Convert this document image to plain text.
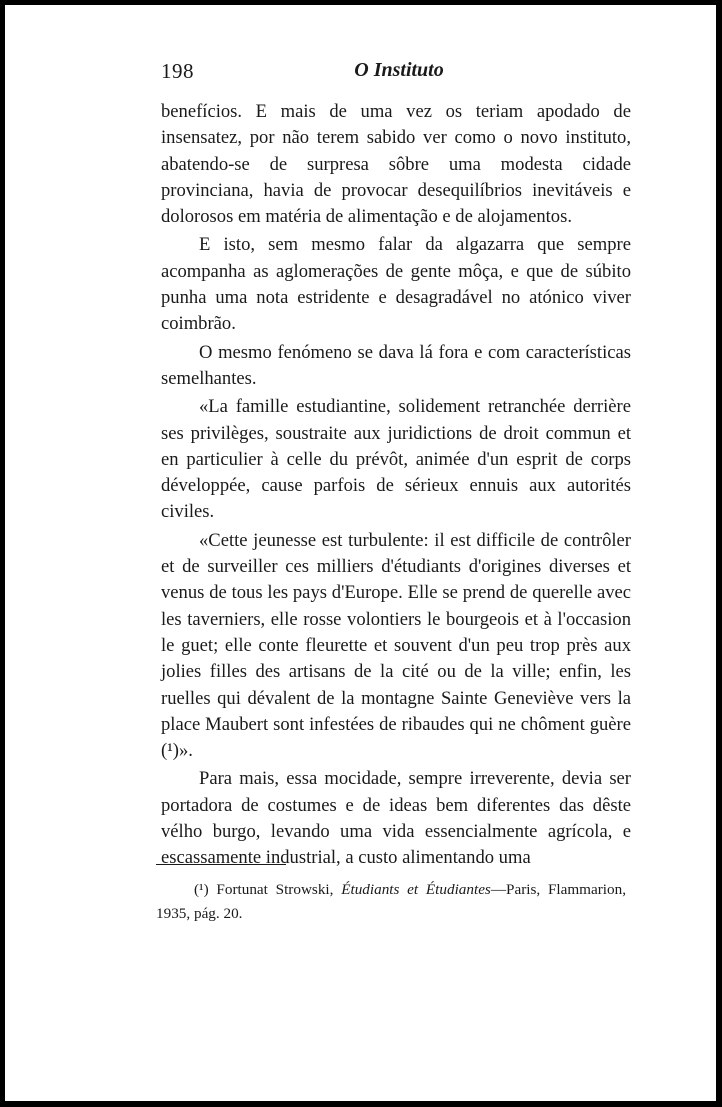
198	O Instituto

benefícios. E mais de uma vez os teriam apodado de insensatez, por não terem sabido ver como o novo instituto, abatendo-se de surpresa sôbre uma modesta cidade provinciana, havia de provocar desequilíbrios inevitáveis e dolorosos em matéria de alimentação e de alojamentos.

E isto, sem mesmo falar da algazarra que sempre acompanha as aglomerações de gente môça, e que de súbito punha uma nota estridente e desagradável no atónico viver coimbrão.

O mesmo fenómeno se dava lá fora e com características semelhantes.

«La famille estudiantine, solidement retranchée derrière ses privilèges, soustraite aux juridictions de droit commun et en particulier à celle du prévôt, animée d'un esprit de corps développée, cause parfois de sérieux ennuis aux autorités civiles.

«Cette jeunesse est turbulente: il est difficile de contrôler et de surveiller ces milliers d'étudiants d'origines diverses et venus de tous les pays d'Europe. Elle se prend de querelle avec les taverniers, elle rosse volontiers le bourgeois et à l'occasion le guet; elle conte fleurette et souvent d'un peu trop près aux jolies filles des artisans de la cité ou de la ville; enfin, les ruelles qui dévalent de la montagne Sainte Geneviève vers la place Maubert sont infestées de ribaudes qui ne chôment guère (¹)».

Para mais, essa mocidade, sempre irreverente, devia ser portadora de costumes e de ideas bem diferentes das dêste vélho burgo, levando uma vida essencialmente agrícola, e escassamente industrial, a custo alimentando uma

(¹) Fortunat Strowski, Étudiants et Étudiantes—Paris, Flammarion, 1935, pág. 20.
